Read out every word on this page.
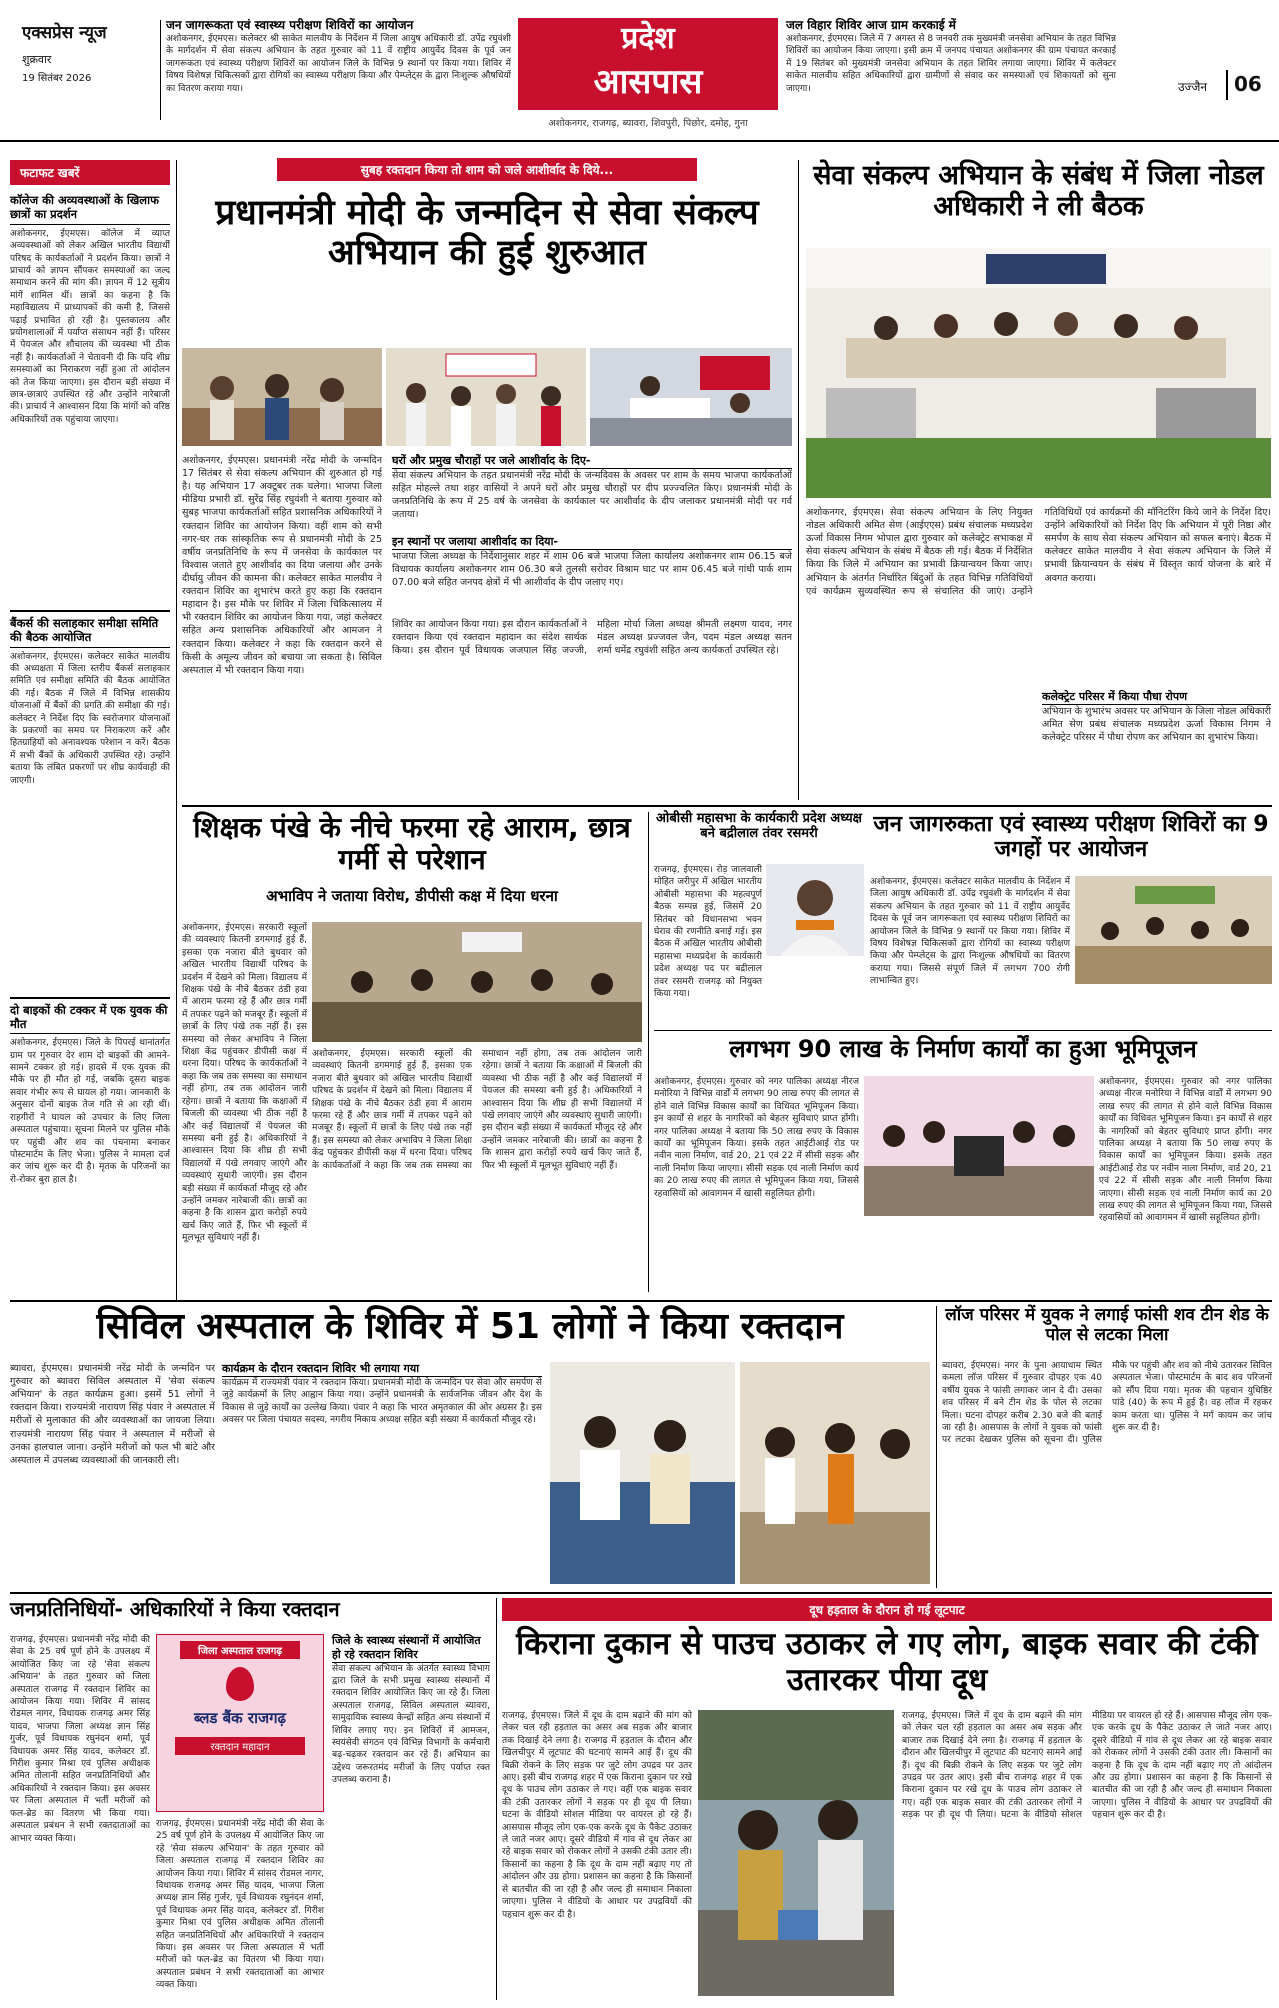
एक्सप्रेस न्यूज
शुक्रवार
19 सितंबर 2026
जन जागरूकता एवं स्वास्थ्य परीक्षण शिविरों का आयोजन
अशोकनगर, ईएमएस। कलेक्टर श्री साकेत मालवीय के निर्देशन में जिला आयुष अधिकारी डॉ. उपेंद्र रघुवंशी के मार्गदर्शन में सेवा संकल्प अभियान के तहत गुरुवार को 11 वें राष्ट्रीय आयुर्वेद दिवस के पूर्व जन जागरूकता एवं स्वास्थ्य परीक्षण शिविरों का आयोजन जिले के विभिन्न 9 स्थानों पर किया गया। शिविर में विषय विशेषज्ञ चिकित्सकों द्वारा रोगियों का स्वास्थ्य परीक्षण किया और पेम्प्लेट्स के द्वारा निःशुल्क औषधियों का वितरण कराया गया।
प्रदेश
आसपास
अशोकनगर, राजगढ़, ब्यावरा, शिवपुरी, पिछोर, दमोह, गुना
जल विहार शिविर आज ग्राम करकाई में
अशोकनगर, ईएमएस। जिले में 7 अगस्त से 8 जनवरी तक मुख्यमंत्री जनसेवा अभियान के तहत विभिन्न शिविरों का आयोजन किया जाएगा। इसी क्रम में जनपद पंचायत अशोकनगर की ग्राम पंचायत करकाई में 19 सितंबर को मुख्यमंत्री जनसेवा अभियान के तहत शिविर लगाया जाएगा। शिविर में कलेक्टर साकेत मालवीय सहित अधिकारियों द्वारा ग्रामीणों से संवाद कर समस्याओं एवं शिकायतों को सुना जाएगा।	उज्जैन 06
फटाफट खबरें
कॉलेज की अव्यवस्थाओं के खिलाफ छात्रों का प्रदर्शन
अशोकनगर, ईएमएस। कॉलेज में व्याप्त अव्यवस्थाओं को लेकर अखिल भारतीय विद्यार्थी परिषद के कार्यकर्ताओं ने प्रदर्शन किया। छात्रों ने प्राचार्य को ज्ञापन सौंपकर समस्याओं का जल्द समाधान करने की मांग की। ज्ञापन में 12 सूत्रीय मांगें शामिल थीं। छात्रों का कहना है कि महाविद्यालय में प्राध्यापकों की कमी है, जिससे पढ़ाई प्रभावित हो रही है। पुस्तकालय और प्रयोगशालाओं में पर्याप्त संसाधन नहीं हैं। परिसर में पेयजल और शौचालय की व्यवस्था भी ठीक नहीं है। कार्यकर्ताओं ने चेतावनी दी कि यदि शीघ्र समस्याओं का निराकरण नहीं हुआ तो आंदोलन को तेज किया जाएगा। इस दौरान बड़ी संख्या में छात्र-छात्राएं उपस्थित रहे और उन्होंने नारेबाजी की। प्राचार्य ने आश्वासन दिया कि मांगों को वरिष्ठ अधिकारियों तक पहुंचाया जाएगा।
बैंकर्स की सलाहकार समीक्षा समिति की बैठक आयोजित
अशोकनगर, ईएमएस। कलेक्टर साकेत मालवीय की अध्यक्षता में जिला स्तरीय बैंकर्स सलाहकार समिति एवं समीक्षा समिति की बैठक आयोजित की गई। बैठक में जिले में विभिन्न शासकीय योजनाओं में बैंकों की प्रगति की समीक्षा की गई। कलेक्टर ने निर्देश दिए कि स्वरोजगार योजनाओं के प्रकरणों का समय पर निराकरण करें और हितग्राहियों को अनावश्यक परेशान न करें। बैठक में सभी बैंकों के अधिकारी उपस्थित रहे। उन्होंने बताया कि लंबित प्रकरणों पर शीघ्र कार्यवाही की जाएगी।
दो बाइकों की टक्कर में एक युवक की मौत
अशोकनगर, ईएमएस। जिले के पिपरई थानांतर्गत ग्राम पर गुरुवार देर शाम दो बाइकों की आमने-सामने टक्कर हो गई। हादसे में एक युवक की मौके पर ही मौत हो गई, जबकि दूसरा बाइक सवार गंभीर रूप से घायल हो गया। जानकारी के अनुसार दोनों बाइक तेज गति से आ रही थीं। राहगीरों ने घायल को उपचार के लिए जिला अस्पताल पहुंचाया। सूचना मिलने पर पुलिस मौके पर पहुंची और शव का पंचनामा बनाकर पोस्टमार्टम के लिए भेजा। पुलिस ने मामला दर्ज कर जांच शुरू कर दी है। मृतक के परिजनों का रो-रोकर बुरा हाल है।
सुबह रक्तदान किया तो शाम को जले आशीर्वाद के दिये...
प्रधानमंत्री मोदी के जन्मदिन से सेवा संकल्प अभियान की हुई शुरुआत
अशोकनगर, ईएमएस। प्रधानमंत्री नरेंद्र मोदी के जन्मदिन 17 सितंबर से सेवा संकल्प अभियान की शुरुआत हो गई है। यह अभियान 17 अक्टूबर तक चलेगा। भाजपा जिला मीडिया प्रभारी डॉ. सुरेंद्र सिंह रघुवंशी ने बताया गुरुवार को सुबह भाजपा कार्यकर्ताओं सहित प्रशासनिक अधिकारियों ने रक्तदान शिविर का आयोजन किया। वहीं शाम को सभी नगर-घर तक सांस्कृतिक रूप से प्रधानमंत्री मोदी के 25 वर्षीय जनप्रतिनिधि के रूप में जनसेवा के कार्यकाल पर विश्वास जताते हुए आशीर्वाद का दिया जलाया और उनके दीर्घायु जीवन की कामना की। कलेक्टर साकेत मालवीय ने रक्तदान शिविर का शुभारंभ करते हुए कहा कि रक्तदान महादान है। इस मौके पर शिविर में जिला चिकित्सालय में भी रक्तदान शिविर का आयोजन किया गया, जहां कलेक्टर सहित अन्य प्रशासनिक अधिकारियों और आमजन ने रक्तदान किया। कलेक्टर ने कहा कि रक्तदान करने से किसी के अमूल्य जीवन को बचाया जा सकता है। सिविल अस्पताल में भी रक्तदान किया गया।
घरों और प्रमुख चौराहों पर जले आशीर्वाद के दिए-
सेवा संकल्प अभियान के तहत प्रधानमंत्री नरेंद्र मोदी के जन्मदिवस के अवसर पर शाम के समय भाजपा कार्यकर्ताओं सहित मोहल्ले तथा शहर वासियों ने अपने घरों और प्रमुख चौराहों पर दीप प्रज्ज्वलित किए। प्रधानमंत्री मोदी के जनप्रतिनिधि के रूप में 25 वर्ष के जनसेवा के कार्यकाल पर आशीर्वाद के दीप जलाकर प्रधानमंत्री मोदी पर गर्व जताया।
इन स्थानों पर जलाया आशीर्वाद का दिया-
भाजपा जिला अध्यक्ष के निर्देशानुसार शहर में शाम 06 बजे भाजपा जिला कार्यालय अशोकनगर शाम 06.15 बजे विधायक कार्यालय अशोकनगर शाम 06.30 बजे तुलसी सरोवर विश्राम घाट पर शाम 06.45 बजे गांधी पार्क शाम 07.00 बजे सहित जनपद क्षेत्रों में भी आशीर्वाद के दीप जलाए गए।
शिविर का आयोजन किया गया। इस दौरान कार्यकर्ताओं ने रक्तदान किया एवं रक्तदान महादान का संदेश सार्थक किया। इस दौरान पूर्व विधायक जजपाल सिंह जज्जी, महिला मोर्चा जिला अध्यक्ष श्रीमती लक्ष्मण यादव, नगर मंडल अध्यक्ष प्रज्जवल जैन, पदम मंडल अध्यक्ष सतन शर्मा धमेंद्र रघुवंशी सहित अन्य कार्यकर्ता उपस्थित रहे।
सेवा संकल्प अभियान के संबंध में जिला नोडल अधिकारी ने ली बैठक
अशोकनगर, ईएमएस। सेवा संकल्प अभियान के लिए नियुक्त नोडल अधिकारी अमित सेण (आईएएस) प्रबंध संचालक मध्यप्रदेश ऊर्जा विकास निगम भोपाल द्वारा गुरुवार को कलेक्ट्रेट सभाकक्ष में सेवा संकल्प अभियान के संबंध में बैठक ली गई। बैठक में निर्देशित किया कि जिले में अभियान का प्रभावी क्रियान्वयन किया जाए। अभियान के अंतर्गत निर्धारित बिंदुओं के तहत विभिन्न गतिविधियों एवं कार्यक्रम सुव्यवस्थित रूप से संचालित की जाएं। उन्होंने गतिविधियों एवं कार्यक्रमों की मॉनिटरिंग किये जाने के निर्देश दिए। उन्होंने अधिकारियों को निर्देश दिए कि अभियान में पूरी निष्ठा और समर्पण के साथ सेवा संकल्प अभियान को सफल बनाएं। बैठक में कलेक्टर साकेत मालवीय ने सेवा संकल्प अभियान के जिले में प्रभावी क्रियान्वयन के संबंध में विस्तृत कार्य योजना के बारे में अवगत कराया।
कलेक्ट्रेट परिसर में किया पौधा रोपण
अभियान के शुभारंभ अवसर पर अभियान के जिला नोडल अधिकारी अमित सेण प्रबंध संचालक मध्यप्रदेश ऊर्जा विकास निगम ने कलेक्ट्रेट परिसर में पौधा रोपण कर अभियान का शुभारंभ किया।
शिक्षक पंखे के नीचे फरमा रहे आराम, छात्र गर्मी से परेशान
अभाविप ने जताया विरोध, डीपीसी कक्ष में दिया धरना
अशोकनगर, ईएमएस। सरकारी स्कूलों की व्यवस्थाएं कितनी डगमगाई हुई हैं, इसका एक नजारा बीते बुधवार को अखिल भारतीय विद्यार्थी परिषद के प्रदर्शन में देखने को मिला। विद्यालय में शिक्षक पंखे के नीचे बैठकर ठंडी हवा में आराम फरमा रहे हैं और छात्र गर्मी में तपकर पढ़ने को मजबूर हैं। स्कूलों में छात्रों के लिए पंखे तक नहीं हैं। इस समस्या को लेकर अभाविप ने जिला शिक्षा केंद्र पहुंचकर डीपीसी कक्ष में धरना दिया। परिषद के कार्यकर्ताओं ने कहा कि जब तक समस्या का समाधान नहीं होगा, तब तक आंदोलन जारी रहेगा। छात्रों ने बताया कि कक्षाओं में बिजली की व्यवस्था भी ठीक नहीं है और कई विद्यालयों में पेयजल की समस्या बनी हुई है। अधिकारियों ने आश्वासन दिया कि शीघ्र ही सभी विद्यालयों में पंखे लगवाए जाएंगे और व्यवस्थाएं सुधारी जाएंगी। इस दौरान बड़ी संख्या में कार्यकर्ता मौजूद रहे और उन्होंने जमकर नारेबाजी की। छात्रों का कहना है कि शासन द्वारा करोड़ों रुपये खर्च किए जाते हैं, फिर भी स्कूलों में मूलभूत सुविधाएं नहीं हैं।
अशोकनगर, ईएमएस। सरकारी स्कूलों की व्यवस्थाएं कितनी डगमगाई हुई हैं, इसका एक नजारा बीते बुधवार को अखिल भारतीय विद्यार्थी परिषद के प्रदर्शन में देखने को मिला। विद्यालय में शिक्षक पंखे के नीचे बैठकर ठंडी हवा में आराम फरमा रहे हैं और छात्र गर्मी में तपकर पढ़ने को मजबूर हैं। स्कूलों में छात्रों के लिए पंखे तक नहीं हैं। इस समस्या को लेकर अभाविप ने जिला शिक्षा केंद्र पहुंचकर डीपीसी कक्ष में धरना दिया। परिषद के कार्यकर्ताओं ने कहा कि जब तक समस्या का समाधान नहीं होगा, तब तक आंदोलन जारी रहेगा। छात्रों ने बताया कि कक्षाओं में बिजली की व्यवस्था भी ठीक नहीं है और कई विद्यालयों में पेयजल की समस्या बनी हुई है। अधिकारियों ने आश्वासन दिया कि शीघ्र ही सभी विद्यालयों में पंखे लगवाए जाएंगे और व्यवस्थाएं सुधारी जाएंगी। इस दौरान बड़ी संख्या में कार्यकर्ता मौजूद रहे और उन्होंने जमकर नारेबाजी की। छात्रों का कहना है कि शासन द्वारा करोड़ों रुपये खर्च किए जाते हैं, फिर भी स्कूलों में मूलभूत सुविधाएं नहीं हैं।
ओबीसी महासभा के कार्यकारी प्रदेश अध्यक्ष बने बद्रीलाल तंवर रसमरी
राजगढ़, ईएमएस। रोड़ जालवाली मोहित जरीपुर में अखिल भारतीय ओबीसी महासभा की महत्वपूर्ण बैठक सम्पन्न हुई, जिसमें 20 सितंबर को विधानसभा भवन घेराव की रणनीति बनाई गई। इस बैठक में अखिल भारतीय ओबीसी महासभा मध्यप्रदेश के कार्यकारी प्रदेश अध्यक्ष पद पर बद्रीलाल तंवर रसमरी राजगढ़ को नियुक्त किया गया।
जन जागरुकता एवं स्वास्थ्य परीक्षण शिविरों का 9 जगहों पर आयोजन
अशोकनगर, ईएमएस। कलेक्टर साकेत मालवीय के निर्देशन में जिला आयुष अधिकारी डॉ. उपेंद्र रघुवंशी के मार्गदर्शन में सेवा संकल्प अभियान के तहत गुरुवार को 11 वें राष्ट्रीय आयुर्वेद दिवस के पूर्व जन जागरूकता एवं स्वास्थ्य परीक्षण शिविरों का आयोजन जिले के विभिन्न 9 स्थानों पर किया गया। शिविर में विषय विशेषज्ञ चिकित्सकों द्वारा रोगियों का स्वास्थ्य परीक्षण किया और पेम्प्लेट्स के द्वारा निःशुल्क औषधियों का वितरण कराया गया। जिससे संपूर्ण जिले में लगभग 700 रोगी लाभान्वित हुए।
लगभग 90 लाख के निर्माण कार्यों का हुआ भूमिपूजन
अशोकनगर, ईएमएस। गुरुवार को नगर पालिका अध्यक्ष नीरज मनोरिया ने विभिन्न वार्डों में लगभग 90 लाख रुपए की लागत से होने वाले विभिन्न विकास कार्यों का विधिवत भूमिपूजन किया। इन कार्यों से शहर के नागरिकों को बेहतर सुविधाएं प्राप्त होंगी। नगर पालिका अध्यक्ष ने बताया कि 50 लाख रुपए के विकास कार्यों का भूमिपूजन किया। इसके तहत आईटीआई रोड पर नवीन नाला निर्माण, वार्ड 20, 21 एवं 22 में सीसी सड़क और नाली निर्माण किया जाएगा। सीसी सड़क एवं नाली निर्माण कार्य का 20 लाख रुपए की लागत से भूमिपूजन किया गया, जिससे रहवासियों को आवागमन में खासी सहूलियत होगी।
अशोकनगर, ईएमएस। गुरुवार को नगर पालिका अध्यक्ष नीरज मनोरिया ने विभिन्न वार्डों में लगभग 90 लाख रुपए की लागत से होने वाले विभिन्न विकास कार्यों का विधिवत भूमिपूजन किया। इन कार्यों से शहर के नागरिकों को बेहतर सुविधाएं प्राप्त होंगी। नगर पालिका अध्यक्ष ने बताया कि 50 लाख रुपए के विकास कार्यों का भूमिपूजन किया। इसके तहत आईटीआई रोड पर नवीन नाला निर्माण, वार्ड 20, 21 एवं 22 में सीसी सड़क और नाली निर्माण किया जाएगा। सीसी सड़क एवं नाली निर्माण कार्य का 20 लाख रुपए की लागत से भूमिपूजन किया गया, जिससे रहवासियों को आवागमन में खासी सहूलियत होगी।
सिविल अस्पताल के शिविर में 51 लोगों ने किया रक्तदान
ब्यावरा, ईएमएस। प्रधानमंत्री नरेंद्र मोदी के जन्मदिन पर गुरुवार को ब्यावरा सिविल अस्पताल में 'सेवा संकल्प अभियान' के तहत कार्यक्रम हुआ। इसमें 51 लोगों ने रक्तदान किया। राज्यमंत्री नारायण सिंह पंवार ने अस्पताल में मरीजों से मुलाकात की और व्यवस्थाओं का जायजा लिया। राज्यमंत्री नारायण सिंह पंवार ने अस्पताल में मरीजों से उनका हालचाल जाना। उन्होंने मरीजों को फल भी बांटे और अस्पताल में उपलब्ध व्यवस्थाओं की जानकारी ली।
कार्यक्रम के दौरान रक्तदान शिविर भी लगाया गया
कार्यक्रम में राज्यमंत्री पंवार ने रक्तदान किया। प्रधानमंत्री मोदी के जन्मदिन पर सेवा और समर्पण से जुड़े कार्यक्रमों के लिए आह्वान किया गया। उन्होंने प्रधानमंत्री के सार्वजनिक जीवन और देश के विकास से जुड़े कार्यों का उल्लेख किया। पंवार ने कहा कि भारत अमृतकाल की ओर अग्रसर है। इस अवसर पर जिला पंचायत सदस्य, नगरीय निकाय अध्यक्ष सहित बड़ी संख्या में कार्यकर्ता मौजूद रहे।
लॉज परिसर में युवक ने लगाई फांसी शव टीन शेड के पोल से लटका मिला
ब्यावरा, ईएमएस। नगर के पुना आयाधाम स्थित कमला लॉज परिसर में गुरुवार दोपहर एक 40 वर्षीय युवक ने फांसी लगाकर जान दे दी। उसका शव परिसर में बने टीन शेड के पोल से लटका मिला। घटना दोपहर करीब 2.30 बजे की बताई जा रही है। आसपास के लोगों ने युवक को फांसी पर लटका देखकर पुलिस को सूचना दी। पुलिस मौके पर पहुंची और शव को नीचे उतारकर सिविल अस्पताल भेजा। पोस्टमार्टम के बाद शव परिजनों को सौंप दिया गया। मृतक की पहचान युधिष्ठिर पांडे (40) के रूप में हुई है। वह लॉज में रहकर काम करता था। पुलिस ने मर्ग कायम कर जांच शुरू कर दी है।
जनप्रतिनिधियों- अधिकारियों ने किया रक्तदान
राजगढ़, ईएमएस। प्रधानमंत्री नरेंद्र मोदी की सेवा के 25 वर्ष पूर्ण होने के उपलक्ष्य में आयोजित किए जा रहे 'सेवा संकल्प अभियान' के तहत गुरुवार को जिला अस्पताल राजगढ़ में रक्तदान शिविर का आयोजन किया गया। शिविर में सांसद रोडमल नागर, विधायक राजगढ़ अमर सिंह यादव, भाजपा जिला अध्यक्ष ज्ञान सिंह गुर्जर, पूर्व विधायक रघुनंदन शर्मा, पूर्व विधायक अमर सिंह यादव, कलेक्टर डॉ. गिरीश कुमार मिश्रा एवं पुलिस अधीक्षक अमित तोलानी सहित जनप्रतिनिधियों और अधिकारियों ने रक्तदान किया। इस अवसर पर जिला अस्पताल में भर्ती मरीजों को फल-ब्रेड का वितरण भी किया गया। अस्पताल प्रबंधन ने सभी रक्तदाताओं का आभार व्यक्त किया।
जिला अस्पताल राजगढ़
ब्लड बैंक राजगढ़
रक्तदान महादान
राजगढ़, ईएमएस। प्रधानमंत्री नरेंद्र मोदी की सेवा के 25 वर्ष पूर्ण होने के उपलक्ष्य में आयोजित किए जा रहे 'सेवा संकल्प अभियान' के तहत गुरुवार को जिला अस्पताल राजगढ़ में रक्तदान शिविर का आयोजन किया गया। शिविर में सांसद रोडमल नागर, विधायक राजगढ़ अमर सिंह यादव, भाजपा जिला अध्यक्ष ज्ञान सिंह गुर्जर, पूर्व विधायक रघुनंदन शर्मा, पूर्व विधायक अमर सिंह यादव, कलेक्टर डॉ. गिरीश कुमार मिश्रा एवं पुलिस अधीक्षक अमित तोलानी सहित जनप्रतिनिधियों और अधिकारियों ने रक्तदान किया। इस अवसर पर जिला अस्पताल में भर्ती मरीजों को फल-ब्रेड का वितरण भी किया गया। अस्पताल प्रबंधन ने सभी रक्तदाताओं का आभार व्यक्त किया।
जिले के स्वास्थ्य संस्थानों में आयोजित हो रहे रक्तदान शिविर
सेवा संकल्प अभियान के अंतर्गत स्वास्थ्य विभाग द्वारा जिले के सभी प्रमुख स्वास्थ्य संस्थानों में रक्तदान शिविर आयोजित किए जा रहे हैं। जिला अस्पताल राजगढ़, सिविल अस्पताल ब्यावरा, सामुदायिक स्वास्थ्य केन्द्रों सहित अन्य संस्थानों में शिविर लगाए गए। इन शिविरों में आमजन, स्वयंसेवी संगठन एवं विभिन्न विभागों के कर्मचारी बढ़-चढ़कर रक्तदान कर रहे हैं। अभियान का उद्देश्य जरूरतमंद मरीजों के लिए पर्याप्त रक्त उपलब्ध कराना है।
दूध हड़ताल के दौरान हो गई लूटपाट
किराना दुकान से पाउच उठाकर ले गए लोग, बाइक सवार की टंकी उतारकर पीया दूध
राजगढ़, ईएमएस। जिले में दूध के दाम बढ़ाने की मांग को लेकर चल रही हड़ताल का असर अब सड़क और बाजार तक दिखाई देने लगा है। राजगढ़ में हड़ताल के दौरान और खिलचीपुर में लूटपाट की घटनाएं सामने आई हैं। दूध की बिक्री रोकने के लिए सड़क पर जुटे लोग उपद्रव पर उतर आए। इसी बीच राजगढ़ शहर में एक किराना दुकान पर रखे दूध के पाउच लोग उठाकर ले गए। वहीं एक बाइक सवार की टंकी उतारकर लोगों ने सड़क पर ही दूध पी लिया। घटना के वीडियो सोशल मीडिया पर वायरल हो रहे हैं। आसपास मौजूद लोग एक-एक करके दूध के पैकेट उठाकर ले जाते नजर आए। दूसरे वीडियो में गांव से दूध लेकर आ रहे बाइक सवार को रोककर लोगों ने उसकी टंकी उतार ली। किसानों का कहना है कि दूध के दाम नहीं बढ़ाए गए तो आंदोलन और उग्र होगा। प्रशासन का कहना है कि किसानों से बातचीत की जा रही है और जल्द ही समाधान निकाला जाएगा। पुलिस ने वीडियो के आधार पर उपद्रवियों की पहचान शुरू कर दी है।
राजगढ़, ईएमएस। जिले में दूध के दाम बढ़ाने की मांग को लेकर चल रही हड़ताल का असर अब सड़क और बाजार तक दिखाई देने लगा है। राजगढ़ में हड़ताल के दौरान और खिलचीपुर में लूटपाट की घटनाएं सामने आई हैं। दूध की बिक्री रोकने के लिए सड़क पर जुटे लोग उपद्रव पर उतर आए। इसी बीच राजगढ़ शहर में एक किराना दुकान पर रखे दूध के पाउच लोग उठाकर ले गए। वहीं एक बाइक सवार की टंकी उतारकर लोगों ने सड़क पर ही दूध पी लिया। घटना के वीडियो सोशल मीडिया पर वायरल हो रहे हैं। आसपास मौजूद लोग एक-एक करके दूध के पैकेट उठाकर ले जाते नजर आए। दूसरे वीडियो में गांव से दूध लेकर आ रहे बाइक सवार को रोककर लोगों ने उसकी टंकी उतार ली। किसानों का कहना है कि दूध के दाम नहीं बढ़ाए गए तो आंदोलन और उग्र होगा। प्रशासन का कहना है कि किसानों से बातचीत की जा रही है और जल्द ही समाधान निकाला जाएगा। पुलिस ने वीडियो के आधार पर उपद्रवियों की पहचान शुरू कर दी है।
